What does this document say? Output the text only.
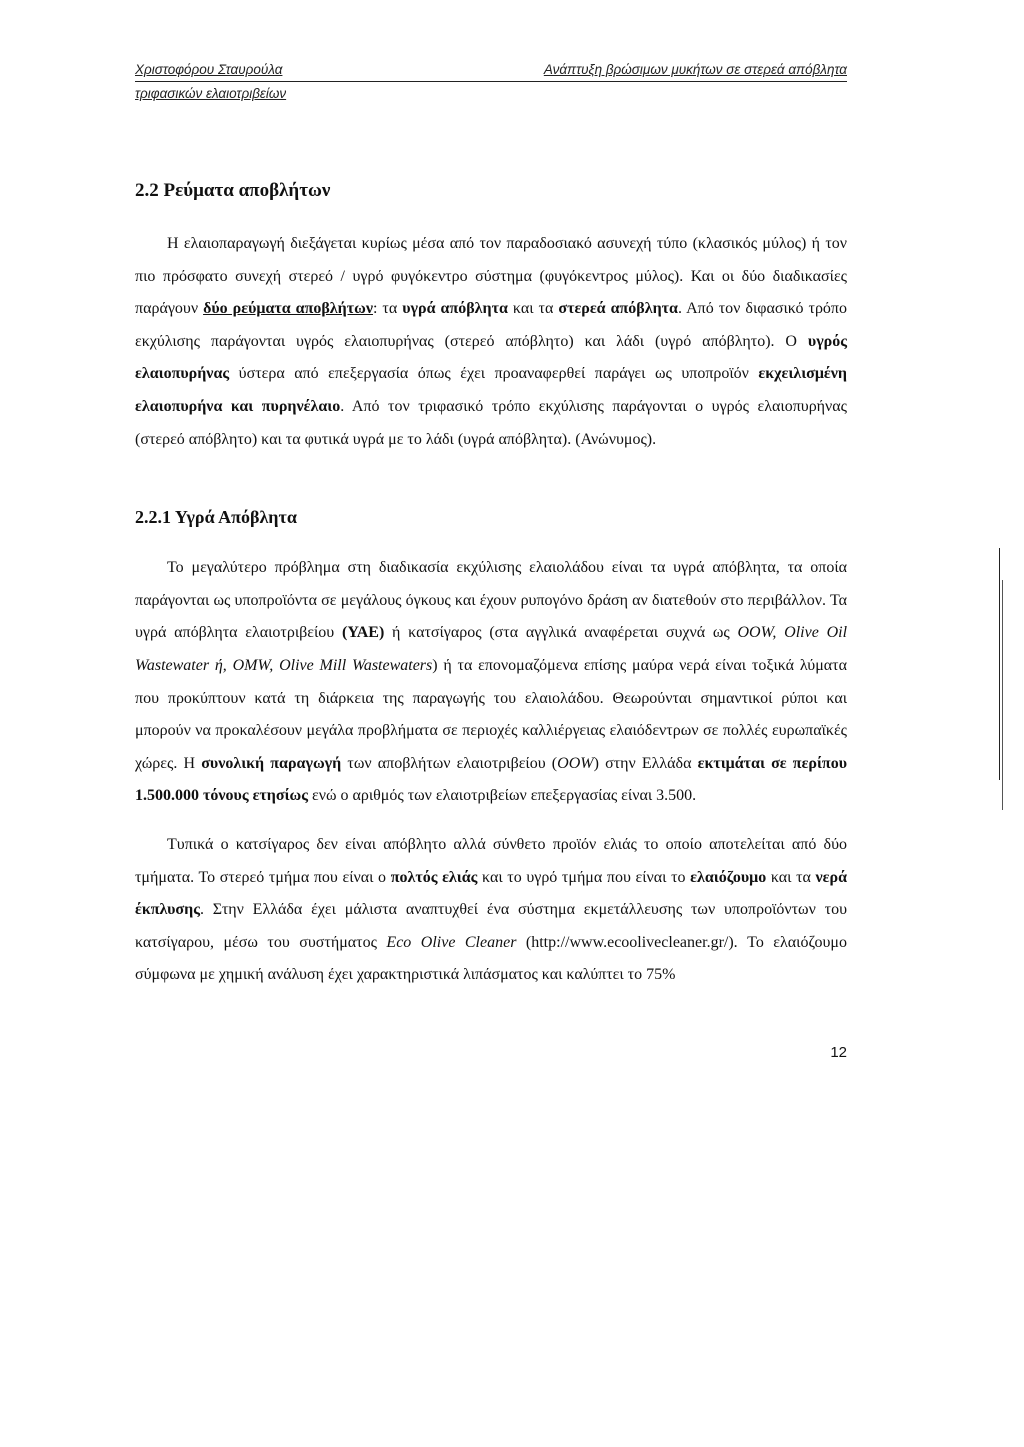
Χριστοφόρου Σταυρούλα	Ανάπτυξη βρώσιμων μυκήτων σε στερεά απόβλητα
τριφασικών ελαιοτριβείων
2.2 Ρεύματα αποβλήτων

Η ελαιοπαραγωγή διεξάγεται κυρίως μέσα από τον παραδοσιακό ασυνεχή τύπο (κλασικός μύλος) ή τον πιο πρόσφατο συνεχή στερεό / υγρό φυγόκεντρο σύστημα (φυγόκεντρος μύλος). Και οι δύο διαδικασίες παράγουν δύο ρεύματα αποβλήτων: τα υγρά απόβλητα και τα στερεά απόβλητα. Από τον διφασικό τρόπο εκχύλισης παράγονται υγρός ελαιοπυρήνας (στερεό απόβλητο) και λάδι (υγρό απόβλητο). Ο υγρός ελαιοπυρήνας ύστερα από επεξεργασία όπως έχει προαναφερθεί παράγει ως υποπροϊόν εκχειλισμένη ελαιοπυρήνα και πυρηνέλαιο. Από τον τριφασικό τρόπο εκχύλισης παράγονται ο υγρός ελαιοπυρήνας (στερεό απόβλητο) και τα φυτικά υγρά με το λάδι (υγρά απόβλητα). (Ανώνυμος).

2.2.1 Υγρά Απόβλητα

Το μεγαλύτερο πρόβλημα στη διαδικασία εκχύλισης ελαιολάδου είναι τα υγρά απόβλητα, τα οποία παράγονται ως υποπροϊόντα σε μεγάλους όγκους και έχουν ρυπογόνο δράση αν διατεθούν στο περιβάλλον. Τα υγρά απόβλητα ελαιοτριβείου (ΥΑΕ) ή κατσίγαρος (στα αγγλικά αναφέρεται συχνά ως OOW, Olive Oil Wastewater ή, OMW, Olive Mill Wastewaters) ή τα επονομαζόμενα επίσης μαύρα νερά είναι τοξικά λύματα που προκύπτουν κατά τη διάρκεια της παραγωγής του ελαιολάδου. Θεωρούνται σημαντικοί ρύποι και μπορούν να προκαλέσουν μεγάλα προβλήματα σε περιοχές καλλιέργειας ελαιόδεντρων σε πολλές ευρωπαϊκές χώρες. Η συνολική παραγωγή των αποβλήτων ελαιοτριβείου (OOW) στην Ελλάδα εκτιμάται σε περίπου 1.500.000 τόνους ετησίως ενώ ο αριθμός των ελαιοτριβείων επεξεργασίας είναι 3.500.

Τυπικά ο κατσίγαρος δεν είναι απόβλητο αλλά σύνθετο προϊόν ελιάς το οποίο αποτελείται από δύο τμήματα. Το στερεό τμήμα που είναι ο πολτός ελιάς και το υγρό τμήμα που είναι το ελαιόζουμο και τα νερά έκπλυσης. Στην Ελλάδα έχει μάλιστα αναπτυχθεί ένα σύστημα εκμετάλλευσης των υποπροϊόντων του κατσίγαρου, μέσω του συστήματος Eco Olive Cleaner (http://www.ecoolivecleaner.gr/). Το ελαιόζουμο σύμφωνα με χημική ανάλυση έχει χαρακτηριστικά λιπάσματος και καλύπτει το 75%

12
